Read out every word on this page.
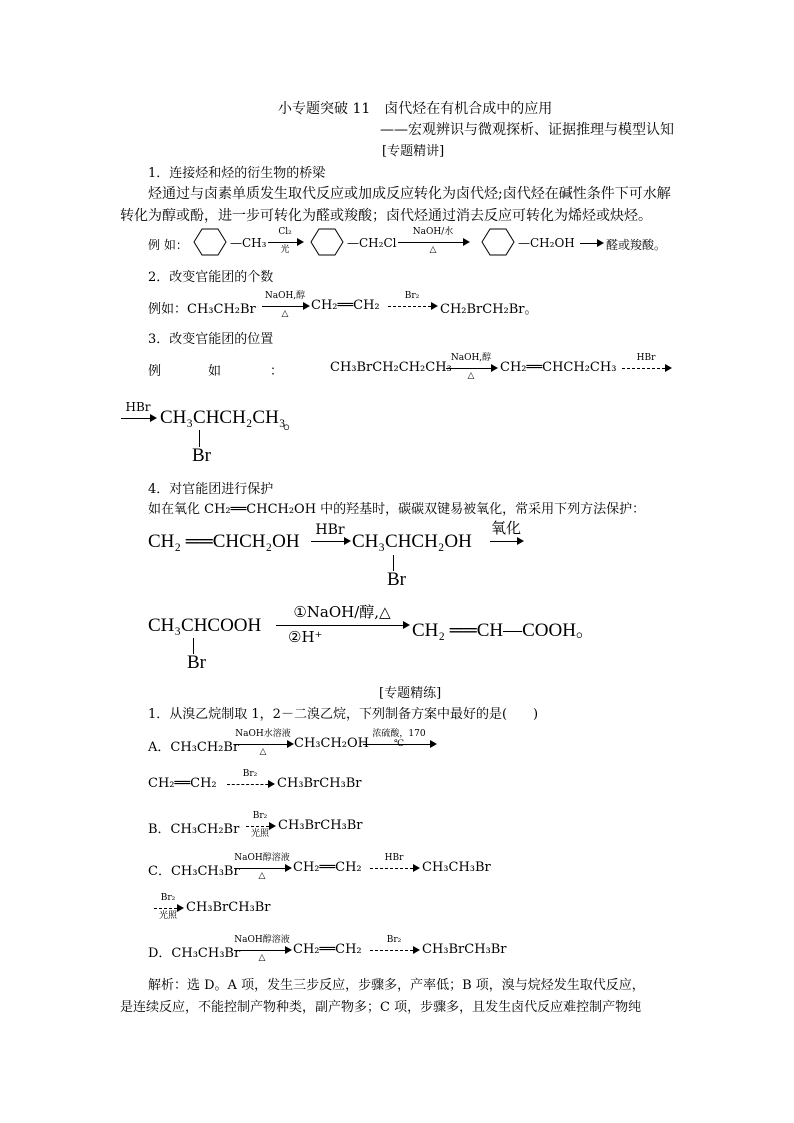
小专题突破 11　卤代烃在有机合成中的应用
——宏观辨识与微观探析、证据推理与模型认知
[专题精讲]
1．连接烃和烃的衍生物的桥梁
烃通过与卤素单质发生取代反应或加成反应转化为卤代烃;卤代烃在碱性条件下可水解
转化为醇或酚，进一步可转化为醛或羧酸；卤代烃通过消去反应可转化为烯烃或炔烃。
例 如：	—CH₃
Cl₂
光	—CH₂Cl
NaOH/水
△	—CH₂OH	醛或羧酸。
2．改变官能团的个数
例如：CH₃CH₂Br
NaOH,醇
△
CH₂══CH₂
Br₂
CH₂BrCH₂Br。
3．改变官能团的位置
例	如	：	CH₃BrCH₂CH₂CH₃
NaOH,醇
△
CH₂══CHCH₂CH₃
HBr
HBr CH₃CHCH₂CH₃
。
Br
4．对官能团进行保护
如在氧化 CH₂══CHCH₂OH 中的羟基时，碳碳双键易被氧化，常采用下列方法保护：
CH₂ ══CHCH₂OH
HBr
CH₃CHCH₂OH
Br
氧化
CH₃CHCOOH
Br
①NaOH/醇,△
②H⁺	CH₂ ══CH—COOH。
[专题精练]
1．从溴乙烷制取 1，2－二溴乙烷，下列制备方案中最好的是(　　)
A．CH₃CH₂Br
NaOH水溶液
△
CH₃CH₂OH
浓硫酸，170　℃
CH₂══CH₂
Br₂
CH₃BrCH₃Br
B．CH₃CH₂Br
Br₂
光照
CH₃BrCH₃Br
C．CH₃CH₃Br
NaOH醇溶液
△
CH₂══CH₂
HBr
CH₃CH₃Br
Br₂
光照
CH₃BrCH₃Br
D．CH₃CH₃Br
NaOH醇溶液
△
CH₂══CH₂
Br₂
CH₃BrCH₃Br
解析：选 D。A 项，发生三步反应，步骤多，产率低；B 项，溴与烷烃发生取代反应，
是连续反应，不能控制产物种类，副产物多；C 项，步骤多，且发生卤代反应难控制产物纯
